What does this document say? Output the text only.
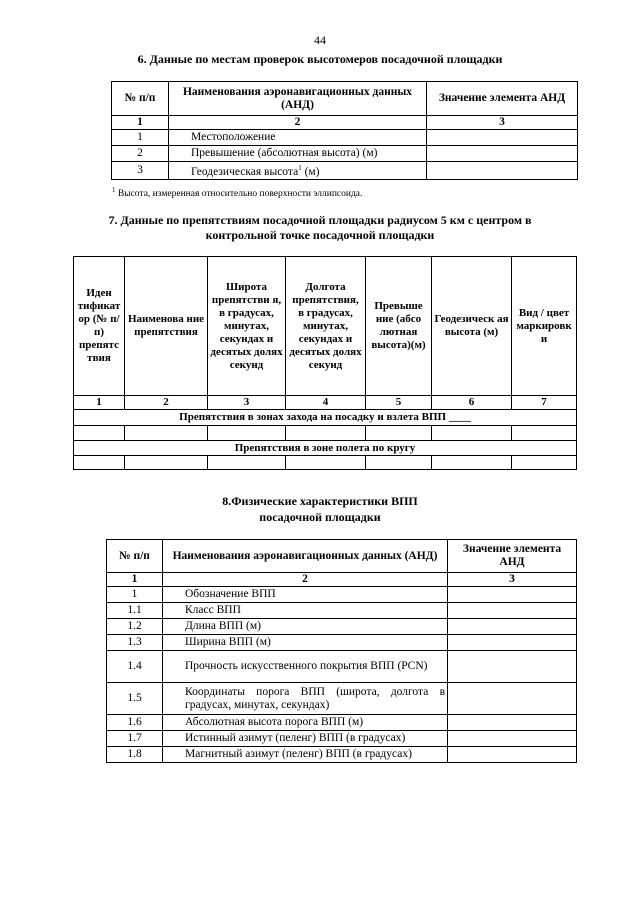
44
6. Данные по местам проверок высотомеров посадочной площадки
№ п/п	Наименования аэронавигационных данных (АНД)	Значение элемента АНД
1	2	3
1	Местоположение	
2	Превышение (абсолютная высота) (м)	
3	Геодезическая высота$^1$ (м)	
$^1$ Высота, измеренная относительно поверхности эллипсоида.
7. Данные по препятствиям посадочной площадки радиусом 5 км с центром в
контрольной точке посадочной площадки
Иден тификат ор (№ п/п) препятс твия	Наименова ние препятствия	Широта препятстви я, в градусах, минутах, секундах и десятых долях секунд	Долгота препятствия, в градусах, минутах, секундах и десятых долях секунд	Превыше ние (абсо лютная высота)(м)	Геодезическ ая высота (м)	Вид / цвет маркировк и
1	2	3	4	5	6	7
Препятствия в зонах захода на посадку и взлета ВПП ____						

Препятствия в зоне полета по кругу						

8.Физические характеристики ВПП
посадочной площадки
№ п/п	Наименования аэронавигационных данных (АНД)	Значение элемента АНД
1	2	3
1	Обозначение ВПП	
1.1	Класс ВПП	
1.2	Длина ВПП (м)	
1.3	Ширина ВПП (м)	
1.4	Прочность искусственного покрытия ВПП (PCN)	
1.5	Координаты порога ВПП (широта, долгота в градусах, минутах, секундах)	
1.6	Абсолютная высота порога ВПП (м)	
1.7	Истинный азимут (пеленг) ВПП (в градусах)	
1.8	Магнитный азимут (пеленг) ВПП (в градусах)	
